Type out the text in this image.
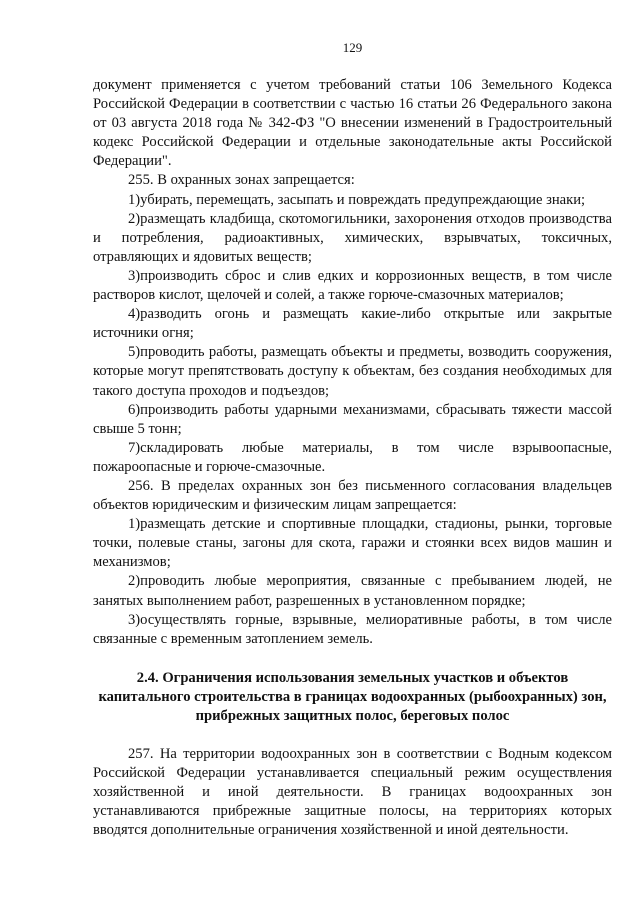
129

документ применяется с учетом требований статьи 106 Земельного Кодекса Российской Федерации в соответствии с частью 16 статьи 26 Федерального закона от 03 августа 2018 года № 342-ФЗ "О внесении изменений в Градостроительный кодекс Российской Федерации и отдельные законодательные акты Российской Федерации".

255. В охранных зонах запрещается:

1)убирать, перемещать, засыпать и повреждать предупреждающие знаки;

2)размещать кладбища, скотомогильники, захоронения отходов производства и потребления, радиоактивных, химических, взрывчатых, токсичных, отравляющих и ядовитых веществ;

3)производить сброс и слив едких и коррозионных веществ, в том числе растворов кислот, щелочей и солей, а также горюче-смазочных материалов;

4)разводить огонь и размещать какие-либо открытые или закрытые источники огня;

5)проводить работы, размещать объекты и предметы, возводить сооружения, которые могут препятствовать доступу к объектам, без создания необходимых для такого доступа проходов и подъездов;

6)производить работы ударными механизмами, сбрасывать тяжести массой свыше 5 тонн;

7)складировать любые материалы, в том числе взрывоопасные, пожароопасные и горюче-смазочные.

256. В пределах охранных зон без письменного согласования владельцев объектов юридическим и физическим лицам запрещается:

1)размещать детские и спортивные площадки, стадионы, рынки, торговые точки, полевые станы, загоны для скота, гаражи и стоянки всех видов машин и механизмов;

2)проводить любые мероприятия, связанные с пребыванием людей, не занятых выполнением работ, разрешенных в установленном порядке;

3)осуществлять горные, взрывные, мелиоративные работы, в том числе связанные с временным затоплением земель.

2.4. Ограничения использования земельных участков и объектов капитального строительства в границах водоохранных (рыбоохранных) зон, прибрежных защитных полос, береговых полос

257. На территории водоохранных зон в соответствии с Водным кодексом Российской Федерации устанавливается специальный режим осуществления хозяйственной и иной деятельности. В границах водоохранных зон устанавливаются прибрежные защитные полосы, на территориях которых вводятся дополнительные ограничения хозяйственной и иной деятельности.
